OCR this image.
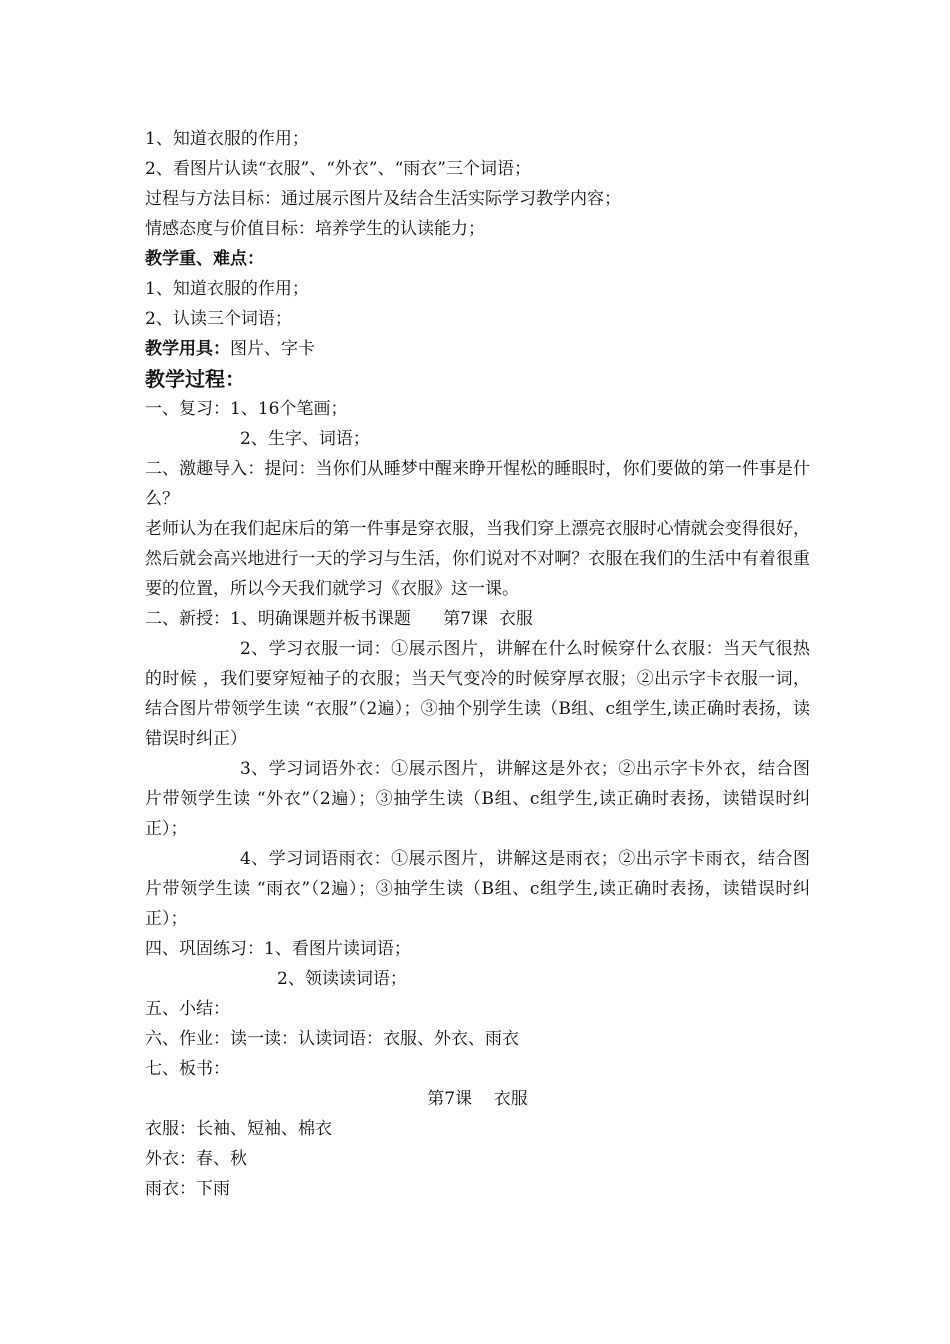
1、知道衣服的作用；
2、看图片认读“衣服”、“外衣”、“雨衣”三个词语；
过程与方法目标：通过展示图片及结合生活实际学习教学内容；
情感态度与价值目标：培养学生的认读能力；
教学重、难点：
1、知道衣服的作用；
2、认读三个词语；
教学用具：图片、字卡
教学过程：
一、复习：1、16个笔画；
2、生字、词语；
二、激趣导入：提问：当你们从睡梦中醒来睁开惺松的睡眼时，你们要做的第一件事是什么？
老师认为在我们起床后的第一件事是穿衣服，当我们穿上漂亮衣服时心情就会变得很好，然后就会高兴地进行一天的学习与生活，你们说对不对啊？衣服在我们的生活中有着很重要的位置，所以今天我们就学习《衣服》这一课。
二、新授：1、明确课题并板书课题      第7课  衣服
2、学习衣服一词：①展示图片，讲解在什么时候穿什么衣服：当天气很热的时候 ，我们要穿短袖子的衣服；当天气变冷的时候穿厚衣服；②出示字卡衣服一词，结合图片带领学生读 “衣服”（2遍）；③抽个别学生读（B组、c组学生,读正确时表扬，读错误时纠正）
3、学习词语外衣：①展示图片，讲解这是外衣；②出示字卡外衣，结合图片带领学生读 “外衣”（2遍）；③抽学生读（B组、c组学生,读正确时表扬，读错误时纠正）；
4、学习词语雨衣：①展示图片，讲解这是雨衣；②出示字卡雨衣，结合图片带领学生读 “雨衣”（2遍）；③抽学生读（B组、c组学生,读正确时表扬，读错误时纠正）；
四、巩固练习：1、看图片读词语；
2、领读读词语；
五、小结：
六、作业：读一读：认读词语：衣服、外衣、雨衣
七、板书：
第7课    衣服
衣服：长袖、短袖、棉衣
外衣：春、秋
雨衣：下雨
